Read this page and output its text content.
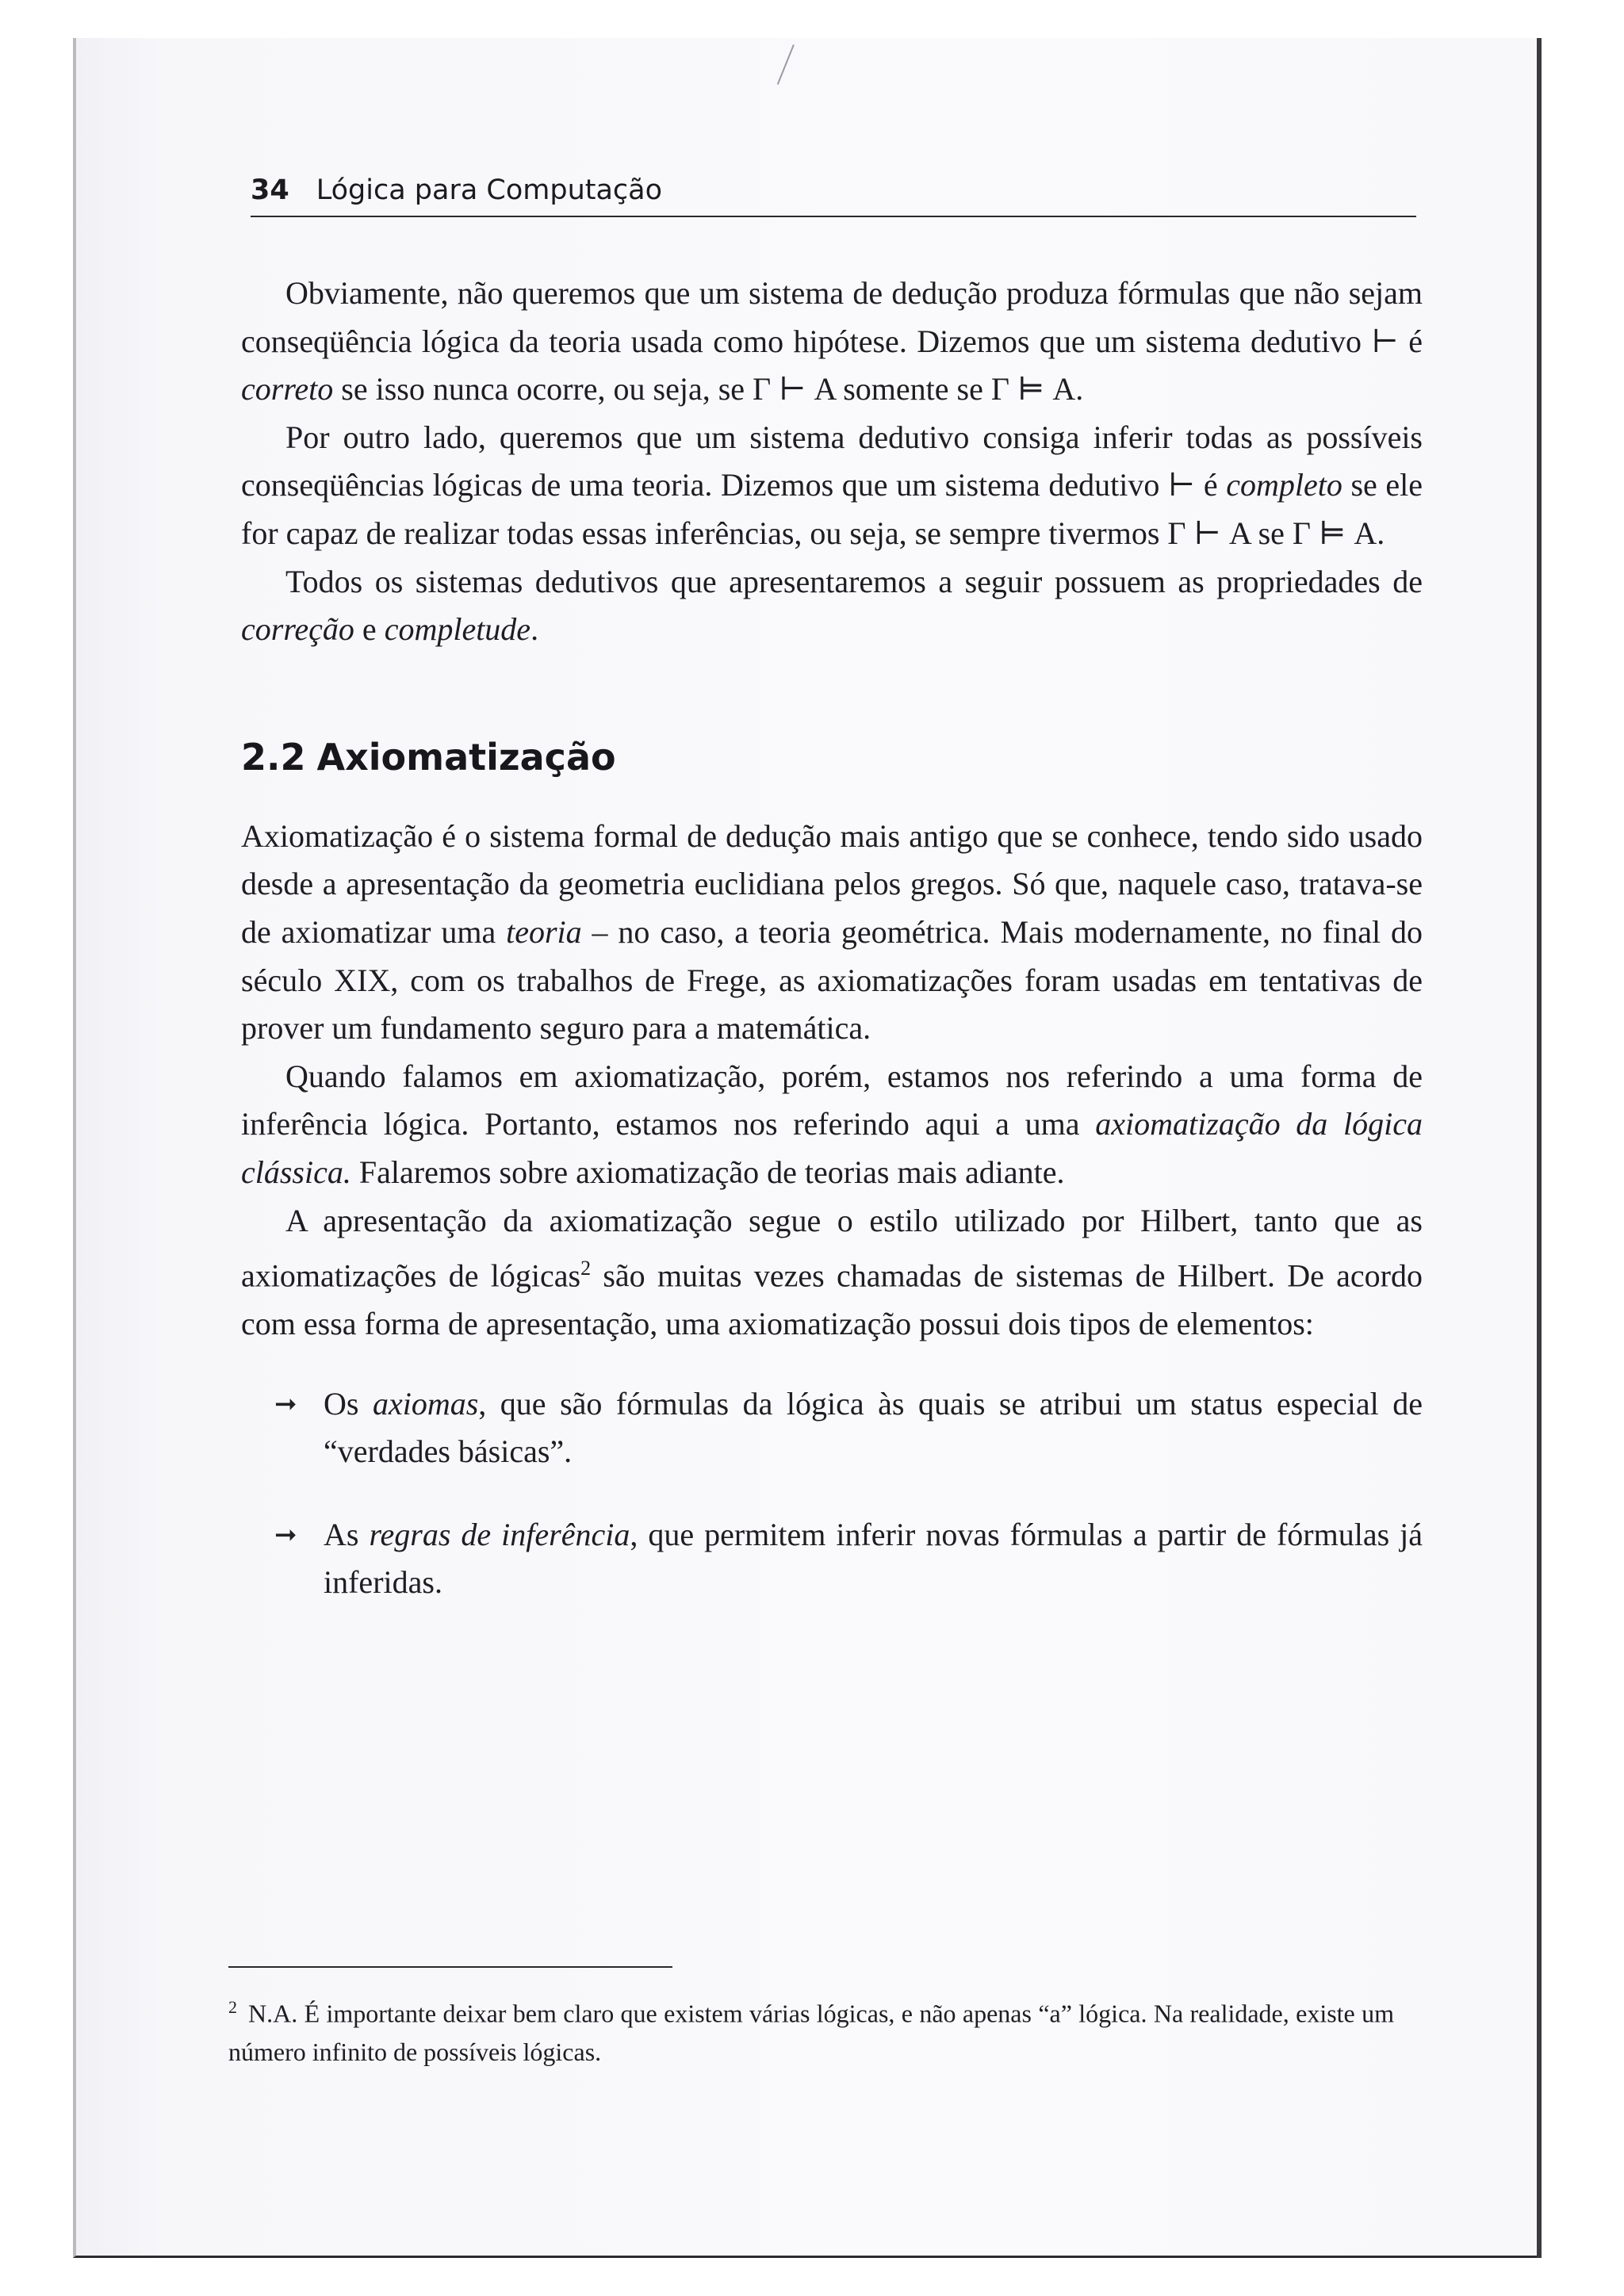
34 Lógica para Computação

Obviamente, não queremos que um sistema de dedução produza fórmulas que não sejam conseqüência lógica da teoria usada como hipótese. Dizemos que um sistema dedutivo ⊢ é correto se isso nunca ocorre, ou seja, se Γ ⊢ A somente se Γ ⊨ A.

Por outro lado, queremos que um sistema dedutivo consiga inferir todas as possíveis conseqüências lógicas de uma teoria. Dizemos que um sistema dedutivo ⊢ é completo se ele for capaz de realizar todas essas inferências, ou seja, se sempre tivermos Γ ⊢ A se Γ ⊨ A.

Todos os sistemas dedutivos que apresentaremos a seguir possuem as propriedades de correção e completude.

2.2 Axiomatização

Axiomatização é o sistema formal de dedução mais antigo que se conhece, tendo sido usado desde a apresentação da geometria euclidiana pelos gregos. Só que, naquele caso, tratava-se de axiomatizar uma teoria – no caso, a teoria geométrica. Mais modernamente, no final do século XIX, com os trabalhos de Frege, as axiomatizações foram usadas em tentativas de prover um fundamento seguro para a matemática.

Quando falamos em axiomatização, porém, estamos nos referindo a uma forma de inferência lógica. Portanto, estamos nos referindo aqui a uma axiomatização da lógica clássica. Falaremos sobre axiomatização de teorias mais adiante.

A apresentação da axiomatização segue o estilo utilizado por Hilbert, tanto que as axiomatizações de lógicas$^2$ são muitas vezes chamadas de sistemas de Hilbert. De acordo com essa forma de apresentação, uma axiomatização possui dois tipos de elementos:

➞ Os axiomas, que são fórmulas da lógica às quais se atribui um status especial de “verdades básicas”.
➞ As regras de inferência, que permitem inferir novas fórmulas a partir de fórmulas já inferidas.
$^2$ N.A. É importante deixar bem claro que existem várias lógicas, e não apenas “a” lógica. Na realidade, existe um número infinito de possíveis lógicas.
